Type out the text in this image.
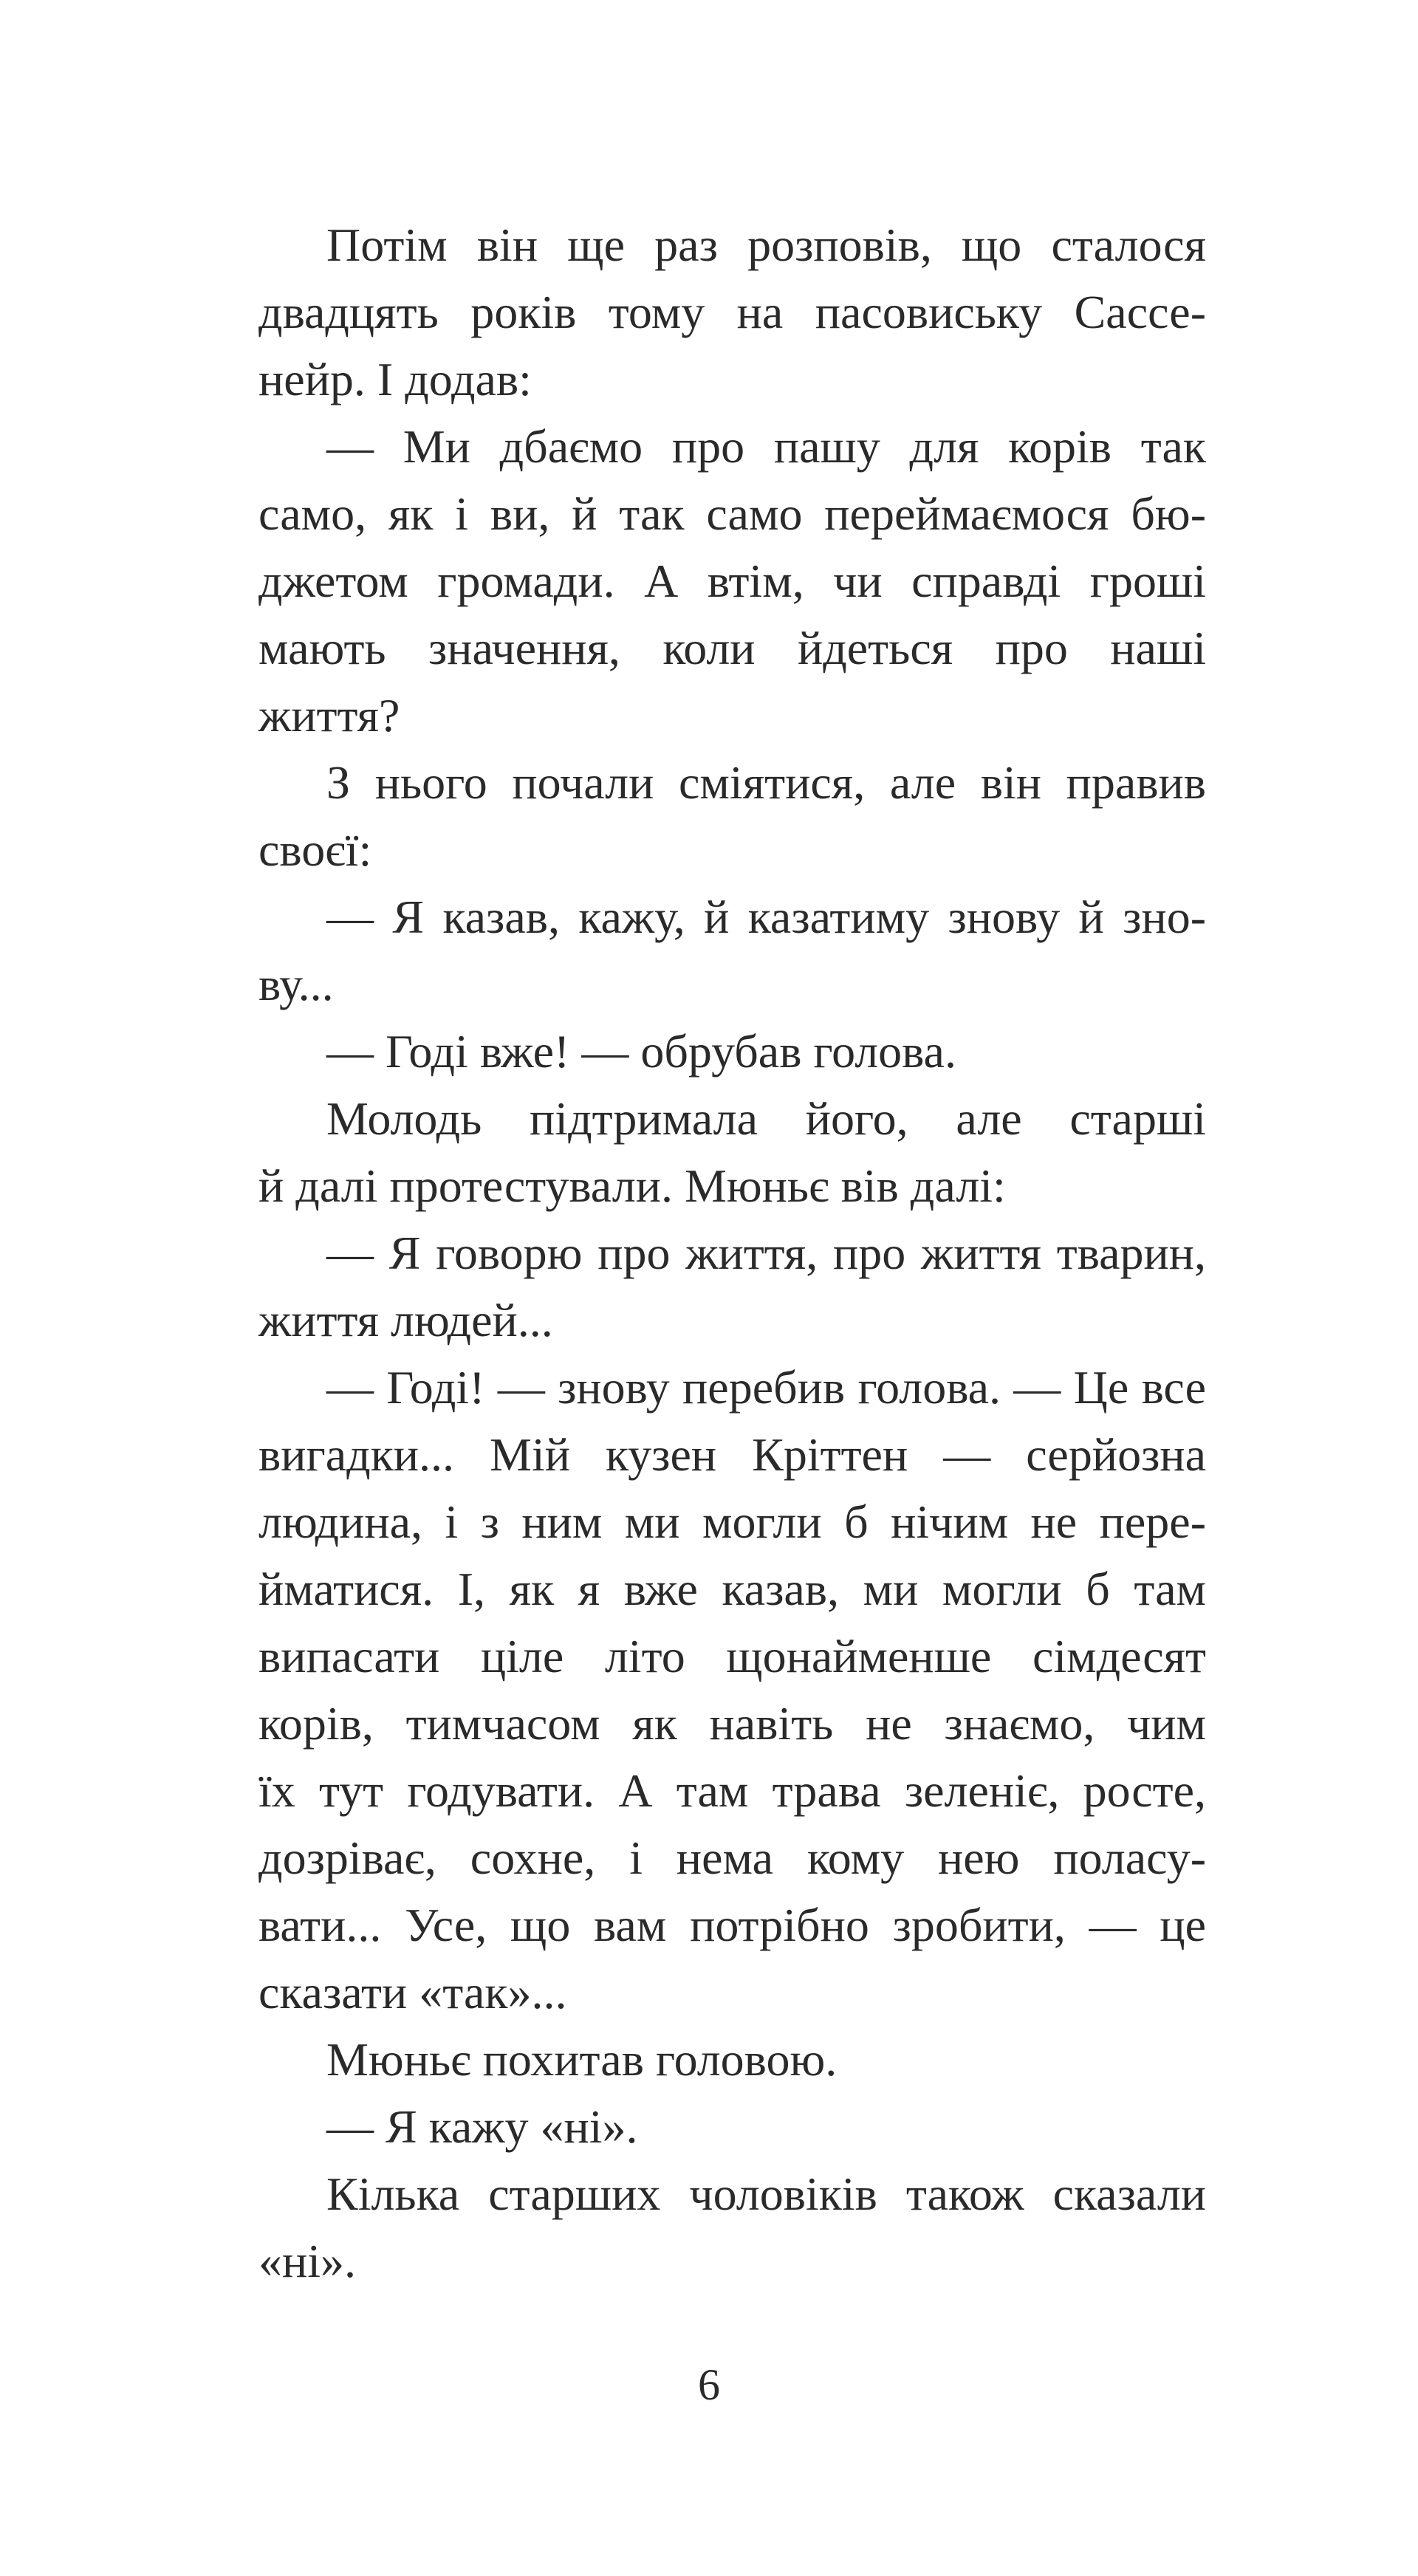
Потім він ще раз розповів, що сталося
двадцять років тому на пасовиську Сассе-
нейр. І додав:
— Ми дбаємо про пашу для корів так
само, як і ви, й так само переймаємося бю-
джетом громади. А втім, чи справді гроші
мають значення, коли йдеться про наші
життя?
З нього почали сміятися, але він правив
своєї:
— Я казав, кажу, й казатиму знову й зно-
ву...
— Годі вже! — обрубав голова.
Молодь підтримала його, але старші
й далі протестували. Мюньє вів далі:
— Я говорю про життя, про життя тварин,
життя людей...
— Годі! — знову перебив голова. — Це все
вигадки... Мій кузен Кріттен — серйозна
людина, і з ним ми могли б нічим не пере-
йматися. І, як я вже казав, ми могли б там
випасати ціле літо щонайменше сімдесят
корів, тимчасом як навіть не знаємо, чим
їх тут годувати. А там трава зеленіє, росте,
дозріває, сохне, і нема кому нею поласу-
вати... Усе, що вам потрібно зробити, — це
сказати «так»...
Мюньє похитав головою.
— Я кажу «ні».
Кілька старших чоловіків також сказали
«ні».
6
